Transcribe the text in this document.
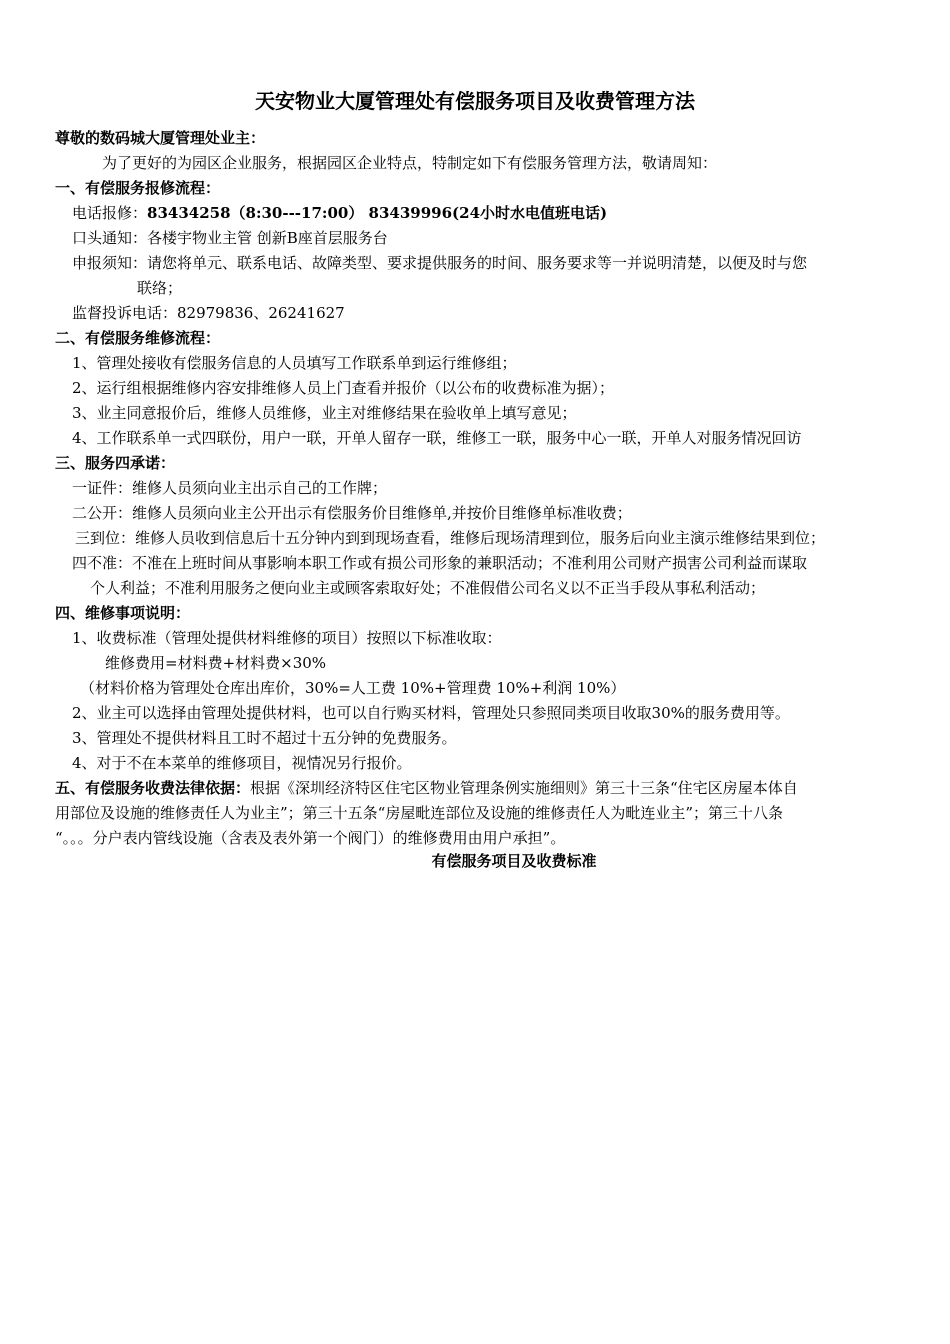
天安物业大厦管理处有偿服务项目及收费管理方法
尊敬的数码城大厦管理处业主：
为了更好的为园区企业服务，根据园区企业特点，特制定如下有偿服务管理方法，敬请周知：
一、有偿服务报修流程：
电话报修：83434258（8:30---17:00） 83439996(24小时水电值班电话)
口头通知：各楼宇物业主管 创新B座首层服务台
申报须知：请您将单元、联系电话、故障类型、要求提供服务的时间、服务要求等一并说明清楚，以便及时与您
联络；
监督投诉电话：82979836、26241627
二、有偿服务维修流程：
1、管理处接收有偿服务信息的人员填写工作联系单到运行维修组；
2、运行组根据维修内容安排维修人员上门查看并报价（以公布的收费标准为据）；
3、业主同意报价后，维修人员维修，业主对维修结果在验收单上填写意见；
4、工作联系单一式四联份，用户一联，开单人留存一联，维修工一联，服务中心一联，开单人对服务情况回访
三、服务四承诺：
一证件：维修人员须向业主出示自己的工作牌；
二公开：维修人员须向业主公开出示有偿服务价目维修单,并按价目维修单标准收费；
三到位：维修人员收到信息后十五分钟内到到现场查看，维修后现场清理到位，服务后向业主演示维修结果到位；
四不准：不准在上班时间从事影响本职工作或有损公司形象的兼职活动；不准利用公司财产损害公司利益而谋取
个人利益；不准利用服务之便向业主或顾客索取好处；不准假借公司名义以不正当手段从事私利活动；
四、维修事项说明：
1、收费标准（管理处提供材料维修的项目）按照以下标准收取：
维修费用=材料费+材料费×30%
（材料价格为管理处仓库出库价，30%=人工费 10%+管理费 10%+利润 10%）
2、业主可以选择由管理处提供材料，也可以自行购买材料，管理处只参照同类项目收取30%的服务费用等。
3、管理处不提供材料且工时不超过十五分钟的免费服务。
4、对于不在本菜单的维修项目，视情况另行报价。
五、有偿服务收费法律依据：根据《深圳经济特区住宅区物业管理条例实施细则》第三十三条“住宅区房屋本体自
用部位及设施的维修责任人为业主”；第三十五条“房屋毗连部位及设施的维修责任人为毗连业主”；第三十八条
“。。。分户表内管线设施（含表及表外第一个阀门）的维修费用由用户承担”。
有偿服务项目及收费标准
